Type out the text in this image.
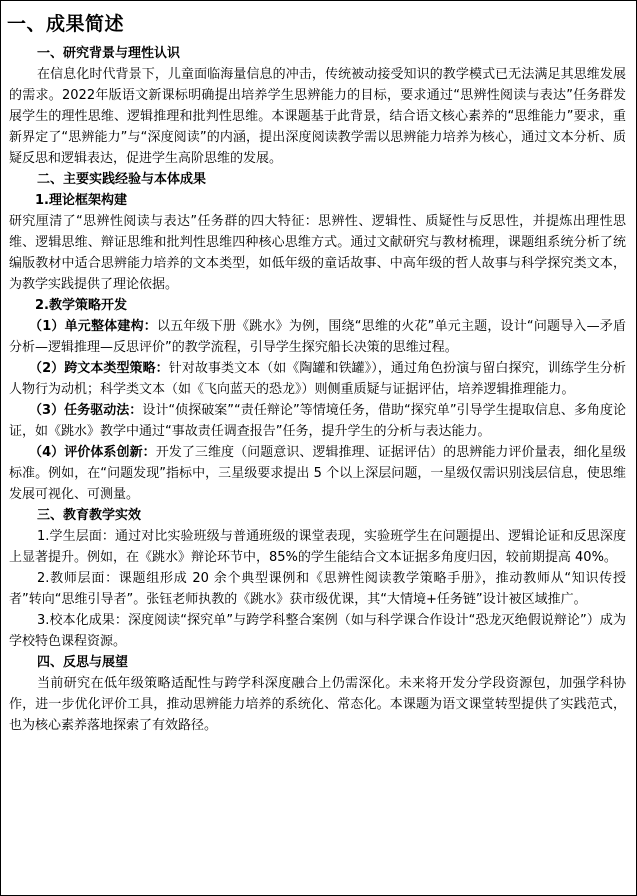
一、成果简述
一、研究背景与理性认识

在信息化时代背景下，儿童面临海量信息的冲击，传统被动接受知识的教学模式已无法满足其思维发展的需求。2022年版语文新课标明确提出培养学生思辨能力的目标，要求通过“思辨性阅读与表达”任务群发展学生的理性思维、逻辑推理和批判性思维。本课题基于此背景，结合语文核心素养的“思维能力”要求，重新界定了“思辨能力”与“深度阅读”的内涵，提出深度阅读教学需以思辨能力培养为核心，通过文本分析、质疑反思和逻辑表达，促进学生高阶思维的发展。

二、主要实践经验与本体成果
1.理论框架构建

研究厘清了“思辨性阅读与表达”任务群的四大特征：思辨性、逻辑性、质疑性与反思性，并提炼出理性思维、逻辑思维、辩证思维和批判性思维四种核心思维方式。通过文献研究与教材梳理，课题组系统分析了统编版教材中适合思辨能力培养的文本类型，如低年级的童话故事、中高年级的哲人故事与科学探究类文本，为教学实践提供了理论依据。

2.教学策略开发

（1）单元整体建构：以五年级下册《跳水》为例，围绕“思维的火花”单元主题，设计“问题导入—矛盾分析—逻辑推理—反思评价”的教学流程，引导学生探究船长决策的思维过程。

（2）跨文本类型策略：针对故事类文本（如《陶罐和铁罐》），通过角色扮演与留白探究，训练学生分析人物行为动机；科学类文本（如《飞向蓝天的恐龙》）则侧重质疑与证据评估，培养逻辑推理能力。

（3）任务驱动法：设计“侦探破案”“责任辩论”等情境任务，借助“探究单”引导学生提取信息、多角度论证，如《跳水》教学中通过“事故责任调查报告”任务，提升学生的分析与表达能力。

（4）评价体系创新：开发了三维度（问题意识、逻辑推理、证据评估）的思辨能力评价量表，细化星级标准。例如，在“问题发现”指标中，三星级要求提出 5 个以上深层问题，一星级仅需识别浅层信息，使思维发展可视化、可测量。

三、教育教学实效

1.学生层面：通过对比实验班级与普通班级的课堂表现，实验班学生在问题提出、逻辑论证和反思深度上显著提升。例如，在《跳水》辩论环节中，85%的学生能结合文本证据多角度归因，较前期提高 40%。

2.教师层面：课题组形成 20 余个典型课例和《思辨性阅读教学策略手册》，推动教师从“知识传授者”转向“思维引导者”。张钰老师执教的《跳水》获市级优课，其“大情境+任务链”设计被区域推广。

3.校本化成果：深度阅读“探究单”与跨学科整合案例（如与科学课合作设计“恐龙灭绝假说辩论”）成为学校特色课程资源。

四、反思与展望

当前研究在低年级策略适配性与跨学科深度融合上仍需深化。未来将开发分学段资源包，加强学科协作，进一步优化评价工具，推动思辨能力培养的系统化、常态化。本课题为语文课堂转型提供了实践范式，也为核心素养落地探索了有效路径。
